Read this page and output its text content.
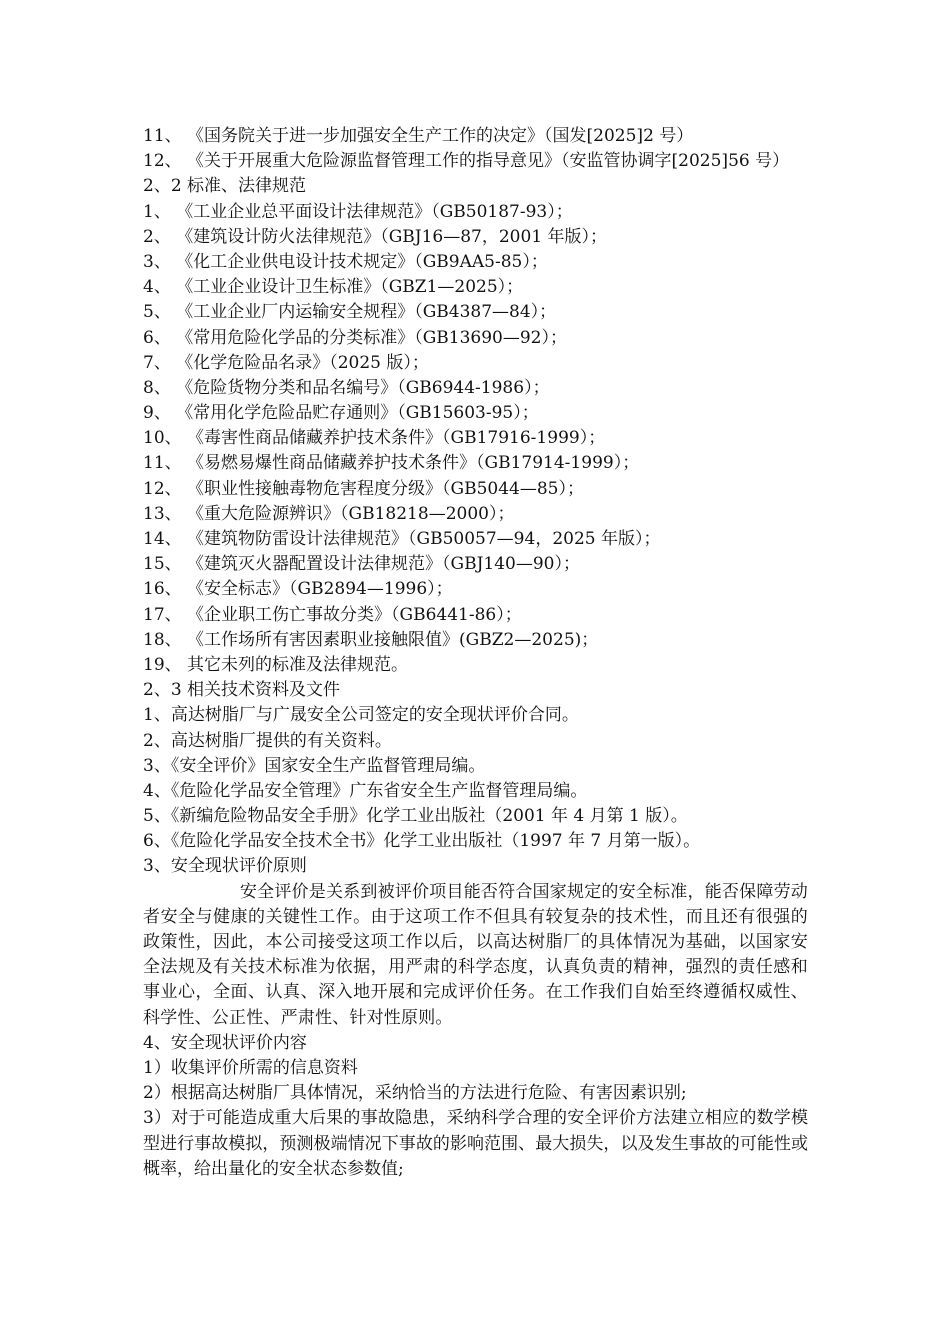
11、 《国务院关于进一步加强安全生产工作的决定》（国发[2025]2 号）
12、 《关于开展重大危险源监督管理工作的指导意见》（安监管协调字[2025]56 号）
2、2 标准、法律规范
1、 《工业企业总平面设计法律规范》（GB50187-93）；
2、 《建筑设计防火法律规范》（GBJ16—87，2001 年版）；
3、 《化工企业供电设计技术规定》（GB9AA5-85）；
4、 《工业企业设计卫生标准》（GBZ1—2025）；
5、 《工业企业厂内运输安全规程》（GB4387—84）；
6、 《常用危险化学品的分类标准》（GB13690—92）；
7、 《化学危险品名录》（2025 版）；
8、 《危险货物分类和品名编号》（GB6944-1986）；
9、 《常用化学危险品贮存通则》（GB15603-95）；
10、 《毒害性商品储藏养护技术条件》（GB17916-1999）；
11、 《易燃易爆性商品储藏养护技术条件》（GB17914-1999）；
12、 《职业性接触毒物危害程度分级》（GB5044—85）；
13、 《重大危险源辨识》（GB18218—2000）；
14、 《建筑物防雷设计法律规范》（GB50057—94，2025 年版）；
15、 《建筑灭火器配置设计法律规范》（GBJ140—90）；
16、 《安全标志》（GB2894—1996）；
17、 《企业职工伤亡事故分类》（GB6441-86）；
18、 《工作场所有害因素职业接触限值》(GBZ2—2025)；
19、 其它未列的标准及法律规范。
2、3 相关技术资料及文件
1、高达树脂厂与广晟安全公司签定的安全现状评价合同。
2、高达树脂厂提供的有关资料。
3、《安全评价》国家安全生产监督管理局编。
4、《危险化学品安全管理》广东省安全生产监督管理局编。
5、《新编危险物品安全手册》化学工业出版社（2001 年 4 月第 1 版）。
6、《危险化学品安全技术全书》化学工业出版社（1997 年 7 月第一版）。
3、安全现状评价原则
安全评价是关系到被评价项目能否符合国家规定的安全标准，能否保障劳动者安全与健康的关键性工作。由于这项工作不但具有较复杂的技术性，而且还有很强的政策性，因此，本公司接受这项工作以后，以高达树脂厂的具体情况为基础，以国家安全法规及有关技术标准为依据，用严肃的科学态度，认真负责的精神，强烈的责任感和事业心，全面、认真、深入地开展和完成评价任务。在工作我们自始至终遵循权威性、科学性、公正性、严肃性、针对性原则。
4、安全现状评价内容
1）收集评价所需的信息资料
2）根据高达树脂厂具体情况，采纳恰当的方法进行危险、有害因素识别;
3）对于可能造成重大后果的事故隐患，采纳科学合理的安全评价方法建立相应的数学模型进行事故模拟，预测极端情况下事故的影响范围、最大损失，以及发生事故的可能性或概率，给出量化的安全状态参数值;
